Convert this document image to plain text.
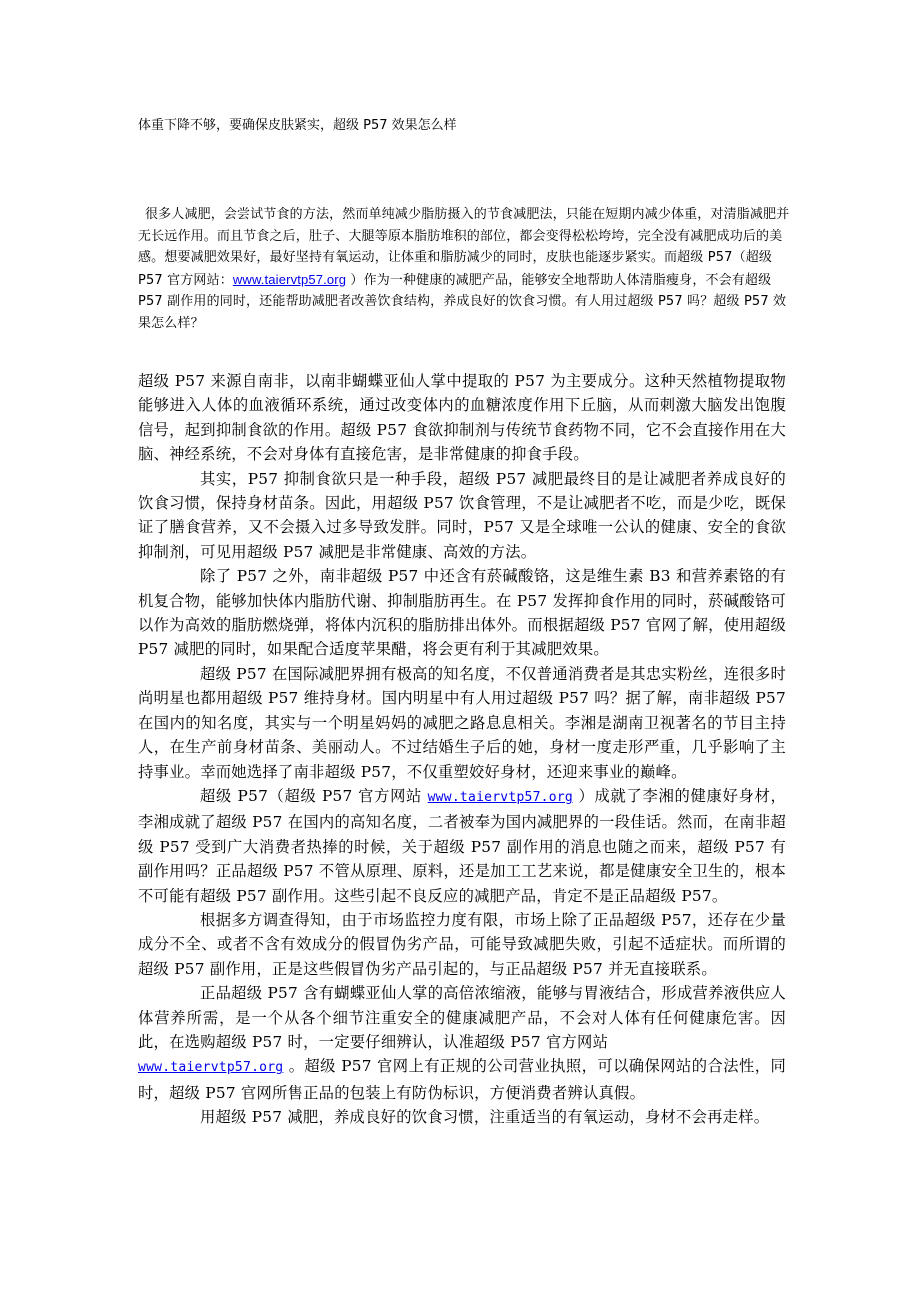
体重下降不够，要确保皮肤紧实，超级 P57 效果怎么样
很多人减肥，会尝试节食的方法，然而单纯减少脂肪摄入的节食减肥法，只能在短期内减少体重，对清脂减肥并无长远作用。而且节食之后，肚子、大腿等原本脂肪堆积的部位，都会变得松松垮垮，完全没有减肥成功后的美感。想要减肥效果好，最好坚持有氧运动，让体重和脂肪减少的同时，皮肤也能逐步紧实。而超级 P57（超级 P57 官方网站：www.taiervtp57.org ）作为一种健康的减肥产品，能够安全地帮助人体清脂瘦身，不会有超级 P57 副作用的同时，还能帮助减肥者改善饮食结构，养成良好的饮食习惯。有人用过超级 P57 吗？超级 P57 效果怎么样？

超级 P57 来源自南非，以南非蝴蝶亚仙人掌中提取的 P57 为主要成分。这种天然植物提取物能够进入人体的血液循环系统，通过改变体内的血糖浓度作用下丘脑，从而刺激大脑发出饱腹信号，起到抑制食欲的作用。超级 P57 食欲抑制剂与传统节食药物不同，它不会直接作用在大脑、神经系统，不会对身体有直接危害，是非常健康的抑食手段。

其实，P57 抑制食欲只是一种手段，超级 P57 减肥最终目的是让减肥者养成良好的饮食习惯，保持身材苗条。因此，用超级 P57 饮食管理，不是让减肥者不吃，而是少吃，既保证了膳食营养，又不会摄入过多导致发胖。同时，P57 又是全球唯一公认的健康、安全的食欲抑制剂，可见用超级 P57 减肥是非常健康、高效的方法。

除了 P57 之外，南非超级 P57 中还含有菸碱酸铬，这是维生素 B3 和营养素铬的有机复合物，能够加快体内脂肪代谢、抑制脂肪再生。在 P57 发挥抑食作用的同时，菸碱酸铬可以作为高效的脂肪燃烧弹，将体内沉积的脂肪排出体外。而根据超级 P57 官网了解，使用超级 P57 减肥的同时，如果配合适度苹果醋，将会更有利于其减肥效果。

超级 P57 在国际减肥界拥有极高的知名度，不仅普通消费者是其忠实粉丝，连很多时尚明星也都用超级 P57 维持身材。国内明星中有人用过超级 P57 吗？据了解，南非超级 P57 在国内的知名度，其实与一个明星妈妈的减肥之路息息相关。李湘是湖南卫视著名的节目主持人，在生产前身材苗条、美丽动人。不过结婚生子后的她，身材一度走形严重，几乎影响了主持事业。幸而她选择了南非超级 P57，不仅重塑姣好身材，还迎来事业的巅峰。

超级 P57（超级 P57 官方网站 www.taiervtp57.org ）成就了李湘的健康好身材，李湘成就了超级 P57 在国内的高知名度，二者被奉为国内减肥界的一段佳话。然而，在南非超级 P57 受到广大消费者热捧的时候，关于超级 P57 副作用的消息也随之而来，超级 P57 有副作用吗？正品超级 P57 不管从原理、原料，还是加工工艺来说，都是健康安全卫生的，根本不可能有超级 P57 副作用。这些引起不良反应的减肥产品，肯定不是正品超级 P57。

根据多方调查得知，由于市场监控力度有限，市场上除了正品超级 P57，还存在少量成分不全、或者不含有效成分的假冒伪劣产品，可能导致减肥失败，引起不适症状。而所谓的超级 P57 副作用，正是这些假冒伪劣产品引起的，与正品超级 P57 并无直接联系。

正品超级 P57 含有蝴蝶亚仙人掌的高倍浓缩液，能够与胃液结合，形成营养液供应人体营养所需，是一个从各个细节注重安全的健康减肥产品，不会对人体有任何健康危害。因此，在选购超级 P57 时，一定要仔细辨认，认准超级 P57 官方网站
www.taiervtp57.org 。超级 P57 官网上有正规的公司营业执照，可以确保网站的合法性，同时，超级 P57 官网所售正品的包装上有防伪标识，方便消费者辨认真假。

用超级 P57 减肥，养成良好的饮食习惯，注重适当的有氧运动，身材不会再走样。
